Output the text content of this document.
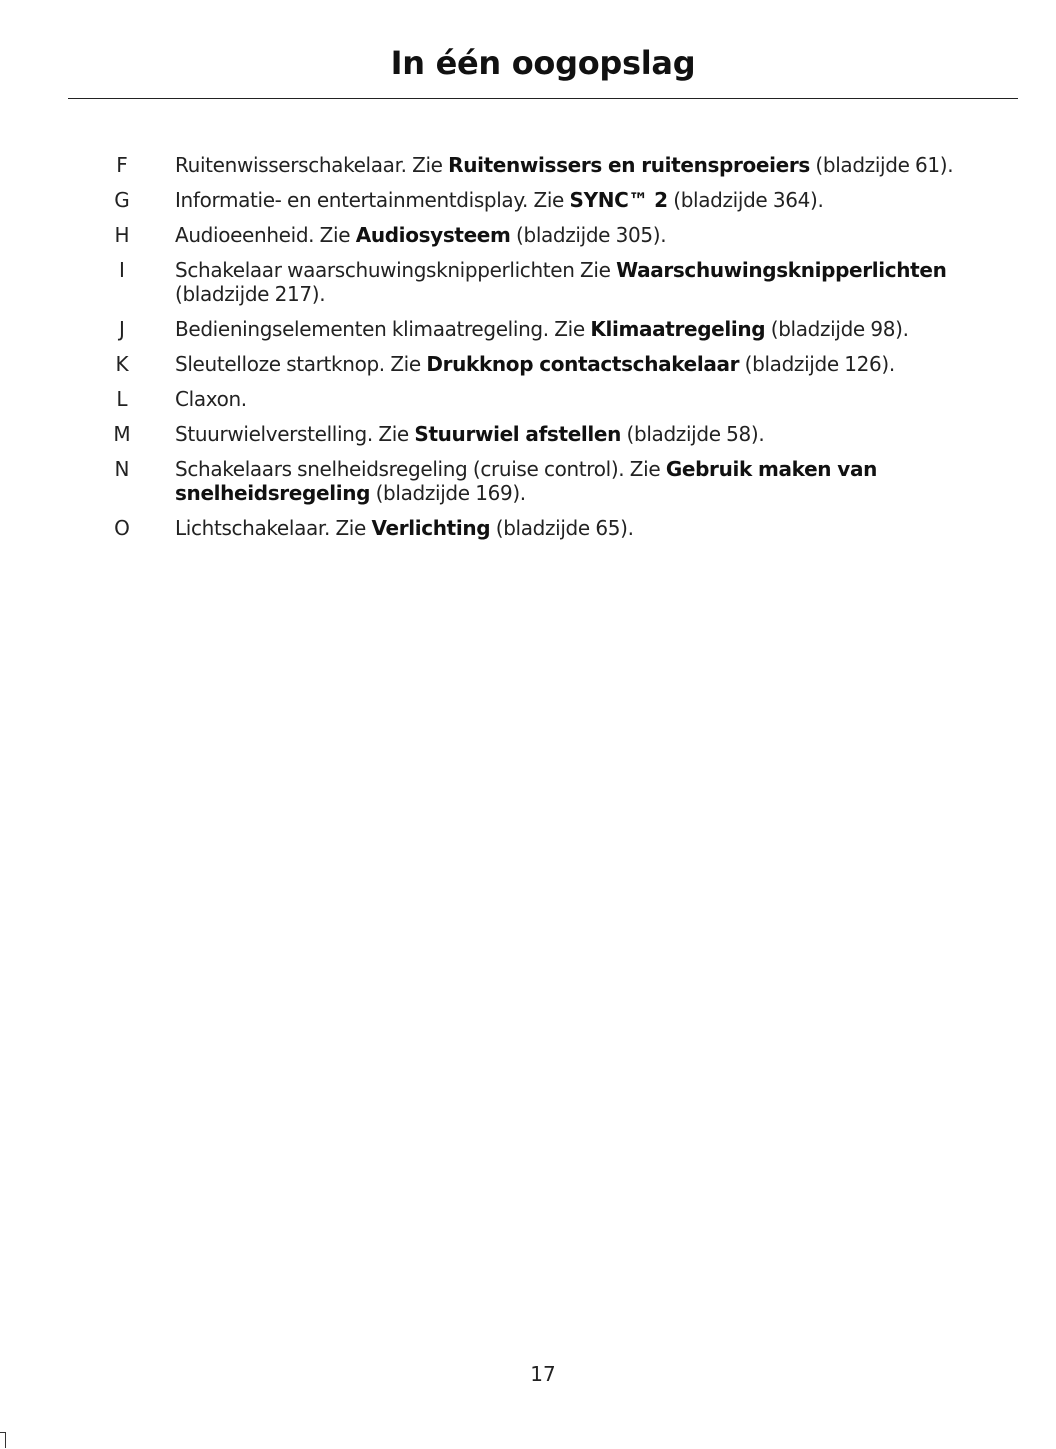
In één oogopslag
F	Ruitenwisserschakelaar. Zie Ruitenwissers en ruitensproeiers (bladzijde 61).
G	Informatie- en entertainmentdisplay. Zie SYNC™ 2 (bladzijde 364).
H	Audioeenheid. Zie Audiosysteem (bladzijde 305).
I	Schakelaar waarschuwingsknipperlichten Zie Waarschuwingsknipperlichten (bladzijde 217).
J	Bedieningselementen klimaatregeling. Zie Klimaatregeling (bladzijde 98).
K	Sleutelloze startknop. Zie Drukknop contactschakelaar (bladzijde 126).
L	Claxon.
M	Stuurwielverstelling. Zie Stuurwiel afstellen (bladzijde 58).
N	Schakelaars snelheidsregeling (cruise control). Zie Gebruik maken van snelheidsregeling (bladzijde 169).
O	Lichtschakelaar. Zie Verlichting (bladzijde 65).
17
